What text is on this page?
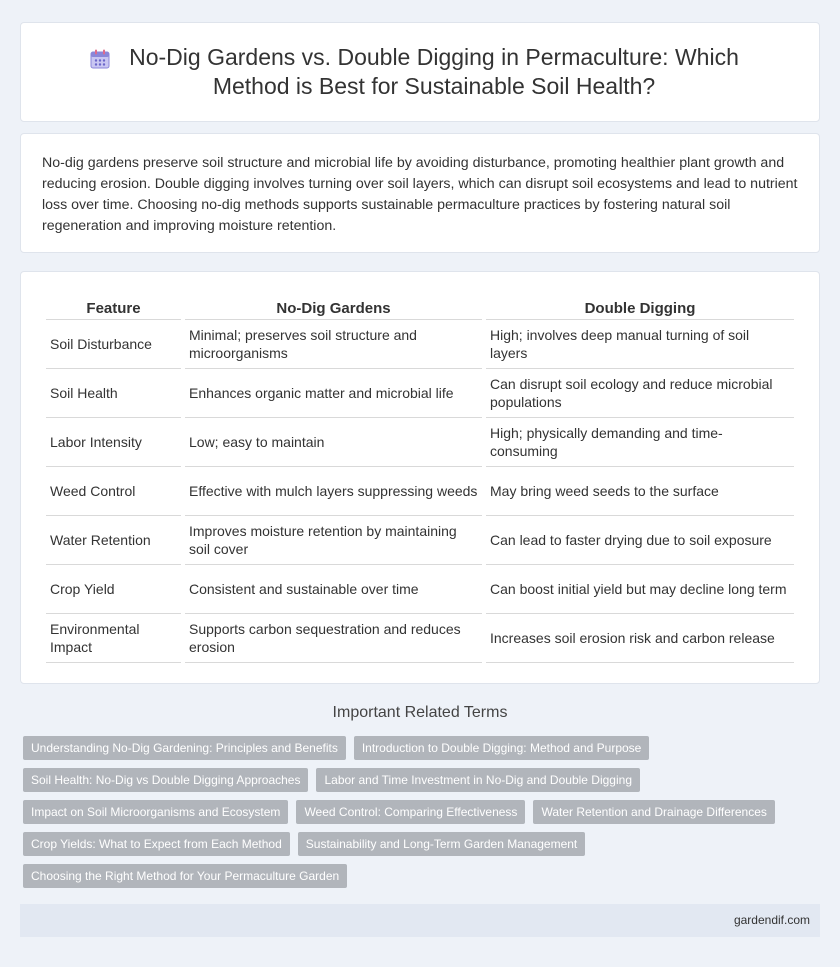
No-Dig Gardens vs. Double Digging in Permaculture: Which Method is Best for Sustainable Soil Health?

No-dig gardens preserve soil structure and microbial life by avoiding disturbance, promoting healthier plant growth and reducing erosion. Double digging involves turning over soil layers, which can disrupt soil ecosystems and lead to nutrient loss over time. Choosing no-dig methods supports sustainable permaculture practices by fostering natural soil regeneration and improving moisture retention.

Feature	No-Dig Gardens	Double Digging
Soil Disturbance	Minimal; preserves soil structure and microorganisms	High; involves deep manual turning of soil layers
Soil Health	Enhances organic matter and microbial life	Can disrupt soil ecology and reduce microbial populations
Labor Intensity	Low; easy to maintain	High; physically demanding and time-consuming
Weed Control	Effective with mulch layers suppressing weeds	May bring weed seeds to the surface
Water Retention	Improves moisture retention by maintaining soil cover	Can lead to faster drying due to soil exposure
Crop Yield	Consistent and sustainable over time	Can boost initial yield but may decline long term
Environmental Impact	Supports carbon sequestration and reduces erosion	Increases soil erosion risk and carbon release
Important Related Terms
Understanding No-Dig Gardening: Principles and Benefits	Introduction to Double Digging: Method and Purpose
Soil Health: No-Dig vs Double Digging Approaches	Labor and Time Investment in No-Dig and Double Digging
Impact on Soil Microorganisms and Ecosystem	Weed Control: Comparing Effectiveness	Water Retention and Drainage Differences
Crop Yields: What to Expect from Each Method	Sustainability and Long-Term Garden Management
Choosing the Right Method for Your Permaculture Garden
gardendif.com
